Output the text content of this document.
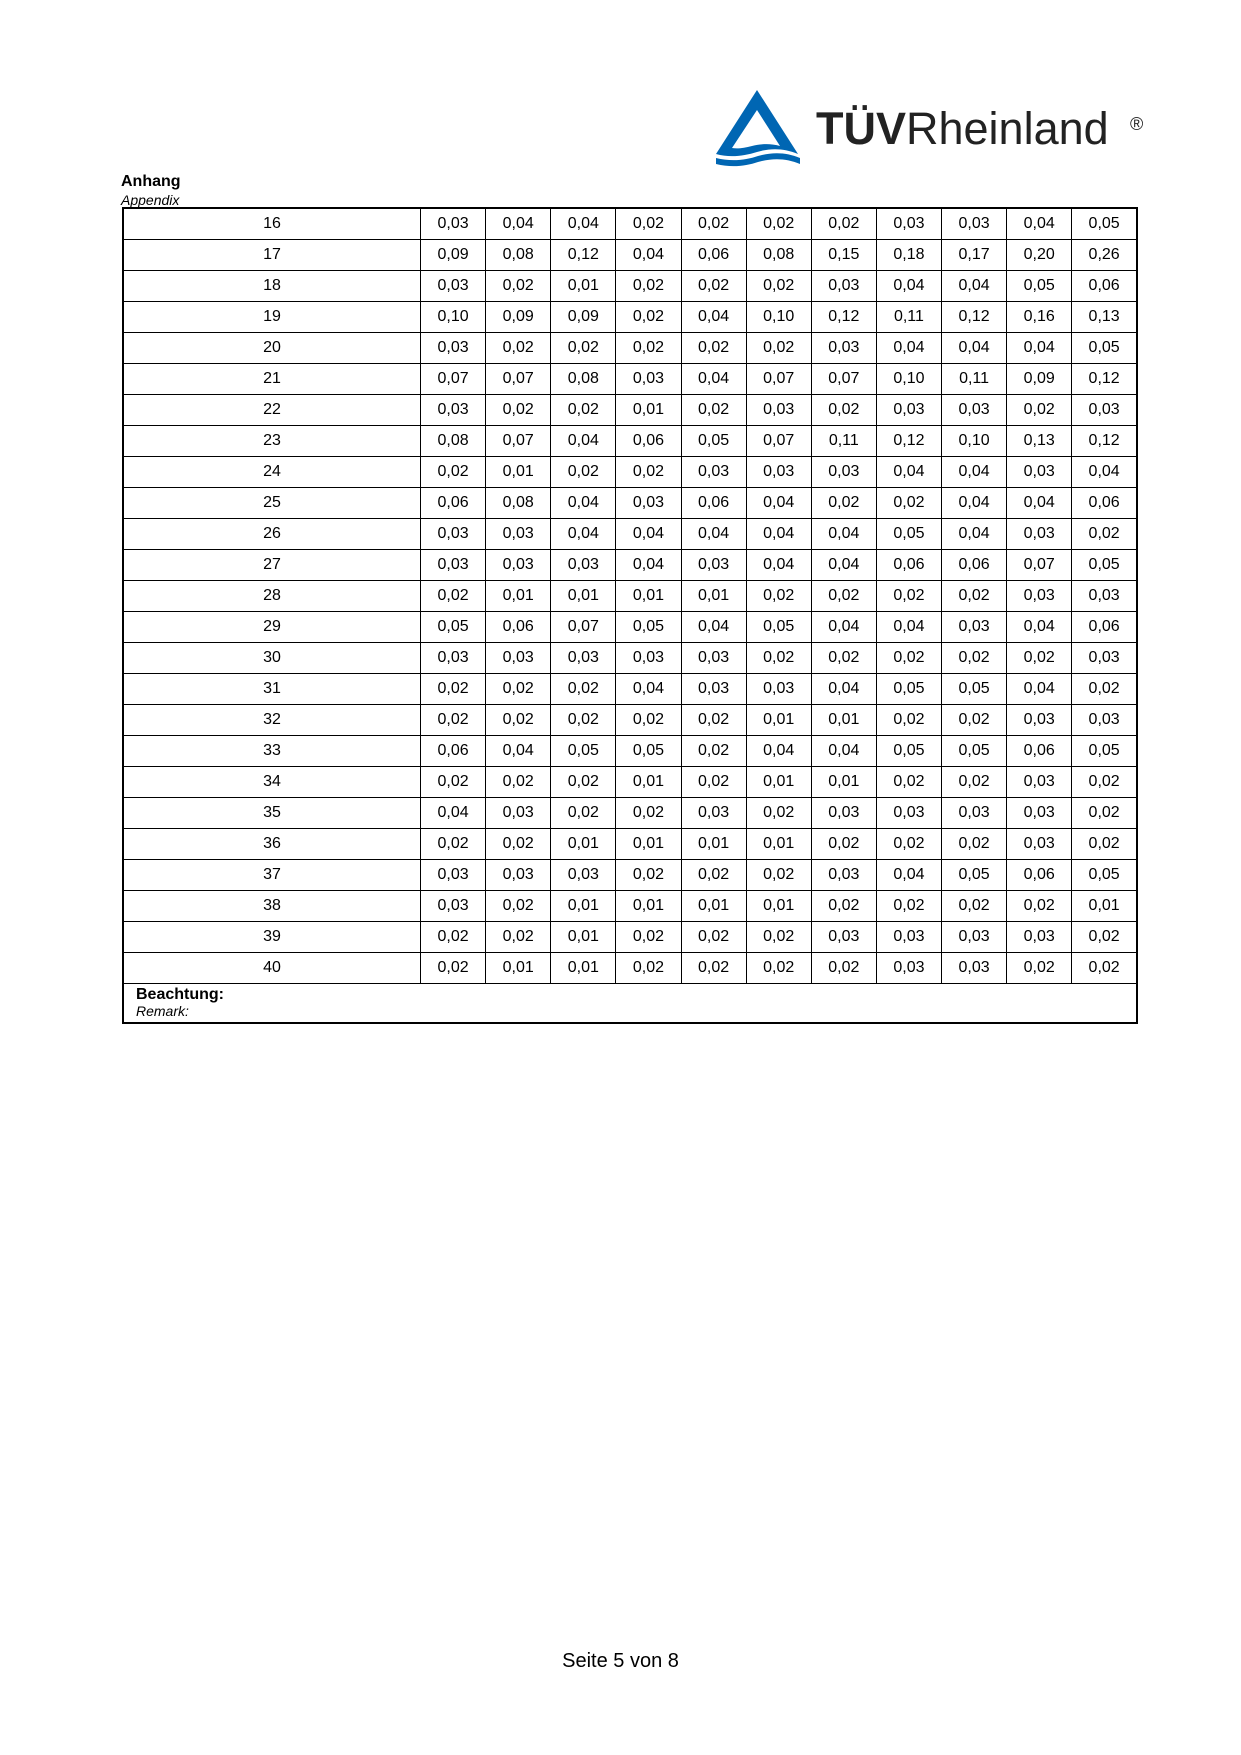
TÜVRheinland ®
Anhang
Appendix
16	0,03	0,04	0,04	0,02	0,02	0,02	0,02	0,03	0,03	0,04	0,05
17	0,09	0,08	0,12	0,04	0,06	0,08	0,15	0,18	0,17	0,20	0,26
18	0,03	0,02	0,01	0,02	0,02	0,02	0,03	0,04	0,04	0,05	0,06
19	0,10	0,09	0,09	0,02	0,04	0,10	0,12	0,11	0,12	0,16	0,13
20	0,03	0,02	0,02	0,02	0,02	0,02	0,03	0,04	0,04	0,04	0,05
21	0,07	0,07	0,08	0,03	0,04	0,07	0,07	0,10	0,11	0,09	0,12
22	0,03	0,02	0,02	0,01	0,02	0,03	0,02	0,03	0,03	0,02	0,03
23	0,08	0,07	0,04	0,06	0,05	0,07	0,11	0,12	0,10	0,13	0,12
24	0,02	0,01	0,02	0,02	0,03	0,03	0,03	0,04	0,04	0,03	0,04
25	0,06	0,08	0,04	0,03	0,06	0,04	0,02	0,02	0,04	0,04	0,06
26	0,03	0,03	0,04	0,04	0,04	0,04	0,04	0,05	0,04	0,03	0,02
27	0,03	0,03	0,03	0,04	0,03	0,04	0,04	0,06	0,06	0,07	0,05
28	0,02	0,01	0,01	0,01	0,01	0,02	0,02	0,02	0,02	0,03	0,03
29	0,05	0,06	0,07	0,05	0,04	0,05	0,04	0,04	0,03	0,04	0,06
30	0,03	0,03	0,03	0,03	0,03	0,02	0,02	0,02	0,02	0,02	0,03
31	0,02	0,02	0,02	0,04	0,03	0,03	0,04	0,05	0,05	0,04	0,02
32	0,02	0,02	0,02	0,02	0,02	0,01	0,01	0,02	0,02	0,03	0,03
33	0,06	0,04	0,05	0,05	0,02	0,04	0,04	0,05	0,05	0,06	0,05
34	0,02	0,02	0,02	0,01	0,02	0,01	0,01	0,02	0,02	0,03	0,02
35	0,04	0,03	0,02	0,02	0,03	0,02	0,03	0,03	0,03	0,03	0,02
36	0,02	0,02	0,01	0,01	0,01	0,01	0,02	0,02	0,02	0,03	0,02
37	0,03	0,03	0,03	0,02	0,02	0,02	0,03	0,04	0,05	0,06	0,05
38	0,03	0,02	0,01	0,01	0,01	0,01	0,02	0,02	0,02	0,02	0,01
39	0,02	0,02	0,01	0,02	0,02	0,02	0,03	0,03	0,03	0,03	0,02
40	0,02	0,01	0,01	0,02	0,02	0,02	0,02	0,03	0,03	0,02	0,02

Beachtung:
Remark:											
Seite 5 von 8
